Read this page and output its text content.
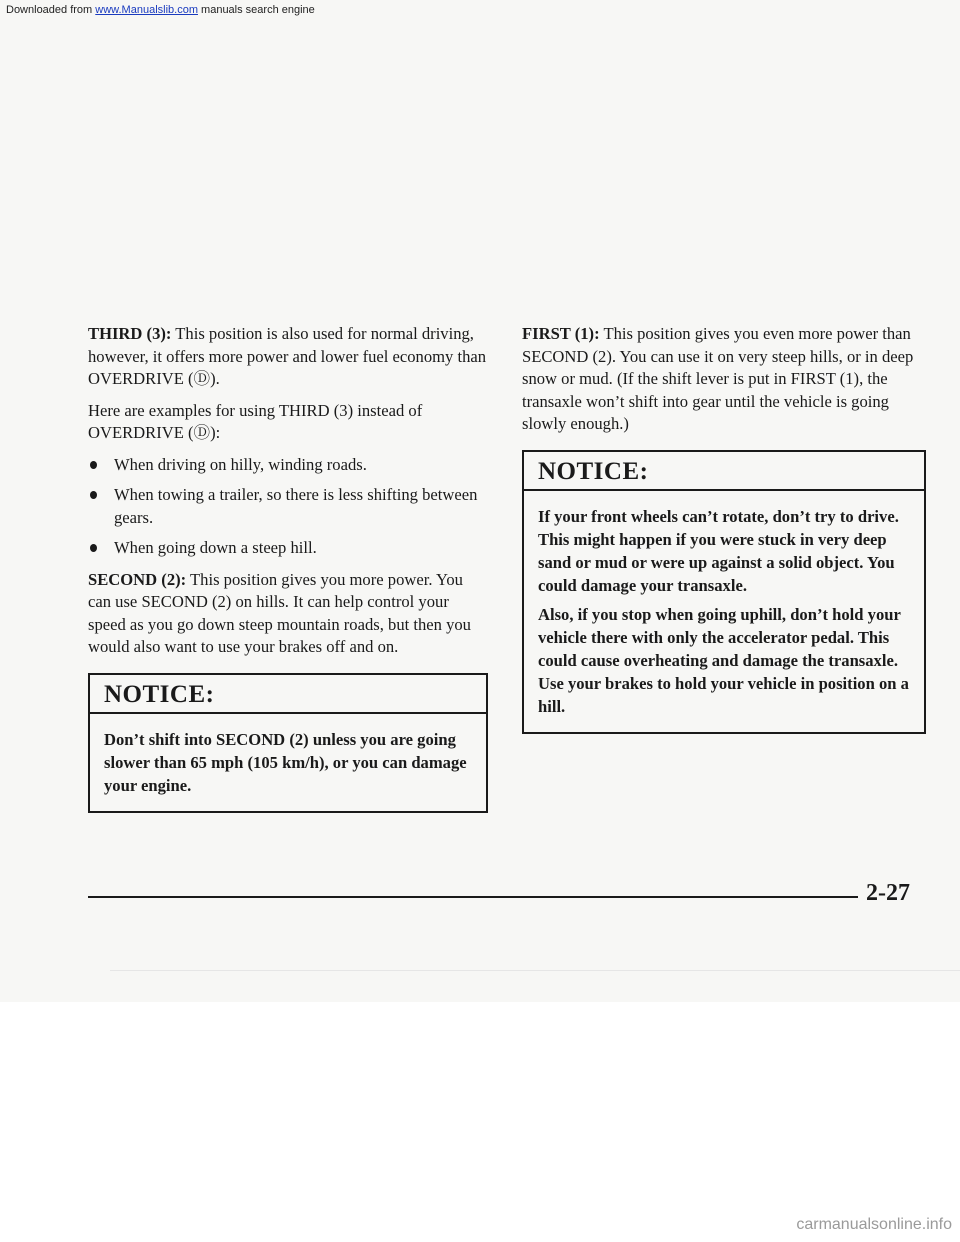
THIRD (3): This position is also used for normal driving, however, it offers more power and lower fuel economy than OVERDRIVE (Ⓓ).

Here are examples for using THIRD (3) instead of OVERDRIVE (Ⓓ):

When driving on hilly, winding roads.
When towing a trailer, so there is less shifting between gears.
When going down a steep hill.

SECOND (2): This position gives you more power. You can use SECOND (2) on hills. It can help control your speed as you go down steep mountain roads, but then you would also want to use your brakes off and on.

NOTICE:

Don’t shift into SECOND (2) unless you are going slower than 65 mph (105 km/h), or you can damage your engine.

FIRST (1): This position gives you even more power than SECOND (2). You can use it on very steep hills, or in deep snow or mud. (If the shift lever is put in FIRST (1), the transaxle won’t shift into gear until the vehicle is going slowly enough.)

NOTICE:

If your front wheels can’t rotate, don’t try to drive. This might happen if you were stuck in very deep sand or mud or were up against a solid object. You could damage your transaxle.

Also, if you stop when going uphill, don’t hold your vehicle there with only the accelerator pedal. This could cause overheating and damage the transaxle. Use your brakes to hold your vehicle in position on a hill.

2-27
Downloaded from www.Manualslib.com manuals search engine
carmanualsonline.info
